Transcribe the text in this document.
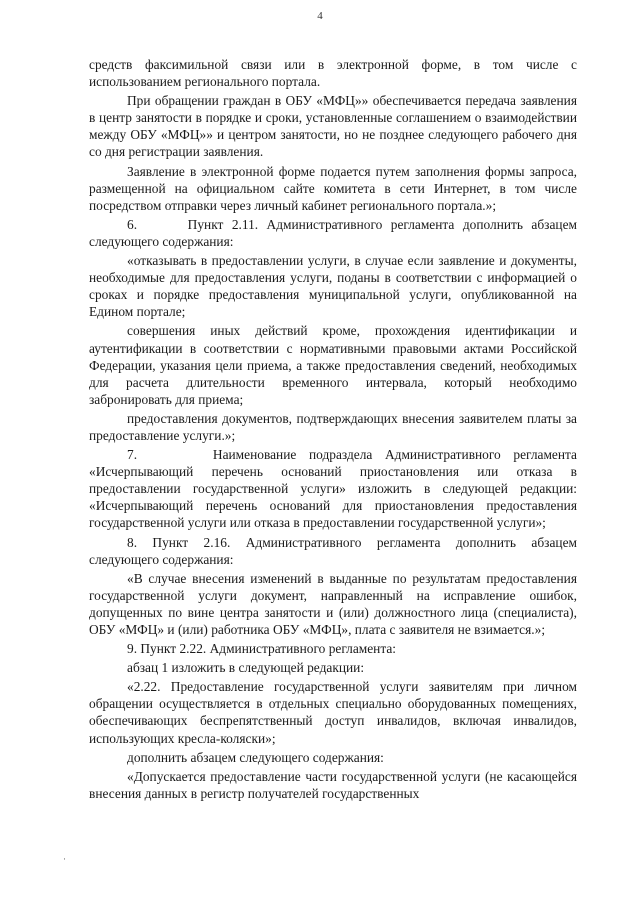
4

средств факсимильной связи или в электронной форме, в том числе с использованием регионального портала.

При обращении граждан в ОБУ «МФЦ»» обеспечивается передача заявления в центр занятости в порядке и сроки, установленные соглашением о взаимодействии между ОБУ «МФЦ»» и центром занятости, но не позднее следующего рабочего дня со дня регистрации заявления.

Заявление в электронной форме подается путем заполнения формы запроса, размещенной на официальном сайте комитета в сети Интернет, в том числе посредством отправки через личный кабинет регионального портала.»;

6.      Пункт 2.11. Административного регламента дополнить абзацем следующего содержания:

«отказывать в предоставлении услуги, в случае если заявление и документы, необходимые для предоставления услуги, поданы в соответствии с информацией о сроках и порядке предоставления муниципальной услуги, опубликованной на Едином портале;

совершения иных действий кроме, прохождения идентификации и аутентификации в соответствии с нормативными правовыми актами Российской Федерации, указания цели приема, а также предоставления сведений, необходимых для расчета длительности временного интервала, который необходимо забронировать для приема;

предоставления документов, подтверждающих внесения заявителем платы за предоставление услуги.»;

7.      Наименование подраздела Административного регламента «Исчерпывающий перечень оснований приостановления или отказа в предоставлении государственной услуги» изложить в следующей редакции: «Исчерпывающий перечень оснований для приостановления предоставления государственной услуги или отказа в предоставлении государственной услуги»;

8. Пункт 2.16. Административного регламента дополнить абзацем следующего содержания:

«В случае внесения изменений в выданные по результатам предоставления государственной услуги документ, направленный на исправление ошибок, допущенных по вине центра занятости и (или) должностного лица (специалиста), ОБУ «МФЦ» и (или) работника ОБУ «МФЦ», плата с заявителя не взимается.»;

9. Пункт 2.22. Административного регламента:

абзац 1 изложить в следующей редакции:

«2.22. Предоставление государственной услуги заявителям при личном обращении осуществляется в отдельных специально оборудованных помещениях, обеспечивающих беспрепятственный доступ инвалидов, включая инвалидов, использующих кресла-коляски»;

дополнить абзацем следующего содержания:

«Допускается предоставление части государственной услуги (не касающейся внесения данных в регистр получателей государственных

·
